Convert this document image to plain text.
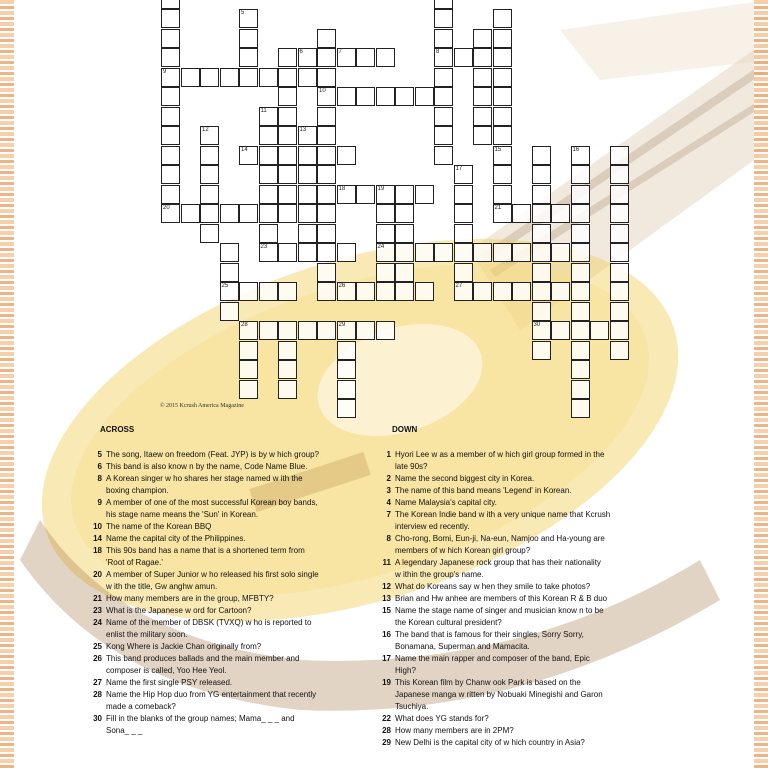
9
5
10
8
15
21
30
16
11
23
12	13
17
27
19
24
25
28	29
6	7
14
18
20
26
© 2015 Kcrush America Magazine
ACROSS	DOWN
5 The song, Itaew on freedom (Feat. JYP) is by w hich group?
6 This band is also know n by the name, Code Name Blue.
8 A Korean singer w ho shares her stage named w ith the
boxing champion.
9 A member of one of the most successful Korean boy bands,
his stage name means the 'Sun' in Korean.
10 The name of the Korean BBQ
14 Name the capital city of the Philippines.
18 This 90s band has a name that is a shortened term from
'Root of Ragae.'
20 A member of Super Junior w ho released his first solo single
w ith the title, Gw anghw amun.
21 How many members are in the group, MFBTY?
23 What is the Japanese w ord for Cartoon?
24 Name of the member of DBSK (TVXQ) w ho is reported to
enlist the military soon.
25 Kong Where is Jackie Chan originally from?
26 This band produces ballads and the main member and
composer is called, Yoo Hee Yeol.
27 Name the first single PSY released.
28 Name the Hip Hop duo from YG entertainment that recently
made a comeback?
30 Fill in the blanks of the group names; Mama_ _ _ and
Sona_ _ _
1 Hyori Lee w as a member of w hich girl group formed in the
late 90s?
2 Name the second biggest city in Korea.
3 The name of this band means 'Legend' in Korean.
4 Name Malaysia's capital city.
7 The Korean Indie band w ith a very unique name that Kcrush
interview ed recently.
8 Cho-rong, Bomi, Eun-ji, Na-eun, Namjoo and Ha-young are
members of w hich Korean girl group?
11 A legendary Japanese rock group that has their nationality
w ithin the group's name.
12 What do Koreans say w hen they smile to take photos?
13 Brian and Hw anhee are members of this Korean R & B duo
15 Name the stage name of singer and musician know n to be
the Korean cultural president?
16 The band that is famous for their singles, Sorry Sorry,
Bonamana, Superman and Mamacita.
17 Name the main rapper and composer of the band, Epic
High?
19 This Korean film by Chanw ook Park is based on the
Japanese manga w ritten by Nobuaki Minegishi and Garon
Tsuchiya.
22 What does YG stands for?
28 How many members are in 2PM?
29 New Delhi is the capital city of w hich country in Asia?
